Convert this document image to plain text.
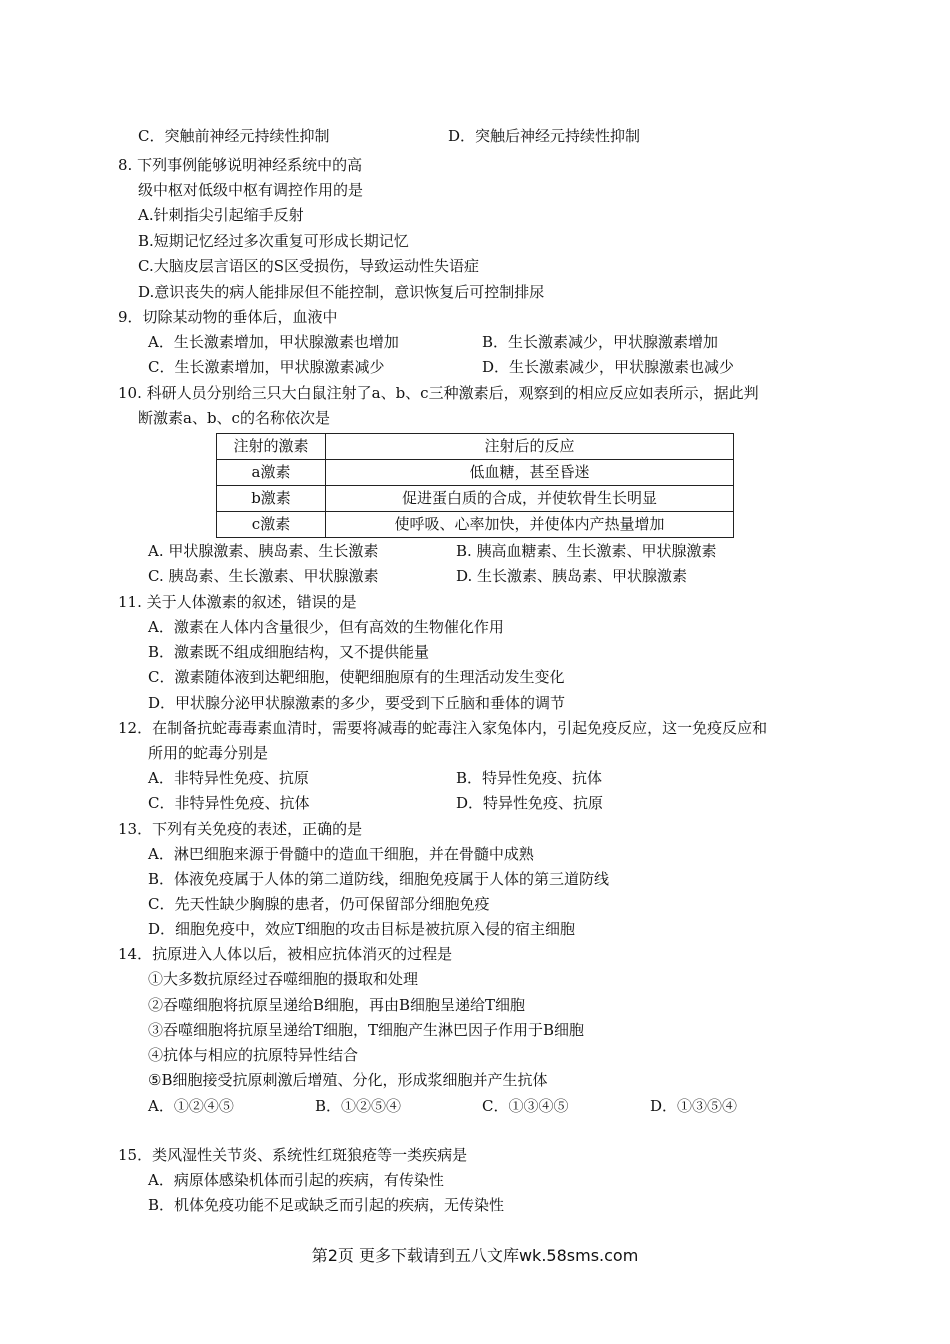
C．突触前神经元持续性抑制	D．突触后神经元持续性抑制
8. 下列事例能够说明神经系统中的高
级中枢对低级中枢有调控作用的是
A.针刺指尖引起缩手反射
B.短期记忆经过多次重复可形成长期记忆
C.大脑皮层言语区的S区受损伤，导致运动性失语症
D.意识丧失的病人能排尿但不能控制，意识恢复后可控制排尿
9．切除某动物的垂体后，血液中
A．生长激素增加，甲状腺激素也增加	B．生长激素减少，甲状腺激素增加
C．生长激素增加，甲状腺激素减少	D．生长激素减少，甲状腺激素也减少
10. 科研人员分别给三只大白鼠注射了a、b、c三种激素后，观察到的相应反应如表所示，据此判
断激素a、b、c的名称依次是
注射的激素	注射后的反应
a激素	低血糖，甚至昏迷
b激素	促进蛋白质的合成，并使软骨生长明显
c激素	使呼吸、心率加快，并使体内产热量增加
A. 甲状腺激素、胰岛素、生长激素	B. 胰高血糖素、生长激素、甲状腺激素
C. 胰岛素、生长激素、甲状腺激素	D. 生长激素、胰岛素、甲状腺激素
11. 关于人体激素的叙述，错误的是
A．激素在人体内含量很少，但有高效的生物催化作用
B．激素既不组成细胞结构，又不提供能量
C．激素随体液到达靶细胞，使靶细胞原有的生理活动发生变化
D．甲状腺分泌甲状腺激素的多少，要受到下丘脑和垂体的调节
12．在制备抗蛇毒毒素血清时，需要将减毒的蛇毒注入家兔体内，引起免疫反应，这一免疫反应和
所用的蛇毒分别是
A．非特异性免疫、抗原	B．特异性免疫、抗体
C．非特异性免疫、抗体	D．特异性免疫、抗原
13．下列有关免疫的表述，正确的是
A．淋巴细胞来源于骨髓中的造血干细胞，并在骨髓中成熟
B．体液免疫属于人体的第二道防线，细胞免疫属于人体的第三道防线
C．先天性缺少胸腺的患者，仍可保留部分细胞免疫
D．细胞免疫中，效应T细胞的攻击目标是被抗原入侵的宿主细胞
14．抗原进入人体以后，被相应抗体消灭的过程是
①大多数抗原经过吞噬细胞的摄取和处理
②吞噬细胞将抗原呈递给B细胞，再由B细胞呈递给T细胞
③吞噬细胞将抗原呈递给T细胞，T细胞产生淋巴因子作用于B细胞
④抗体与相应的抗原特异性结合
⑤B细胞接受抗原刺激后增殖、分化，形成浆细胞并产生抗体
A．①②④⑤	B．①②⑤④	C．①③④⑤	D．①③⑤④
15．类风湿性关节炎、系统性红斑狼疮等一类疾病是
A．病原体感染机体而引起的疾病，有传染性
B．机体免疫功能不足或缺乏而引起的疾病，无传染性
第2页 更多下载请到五八文库wk.58sms.com
